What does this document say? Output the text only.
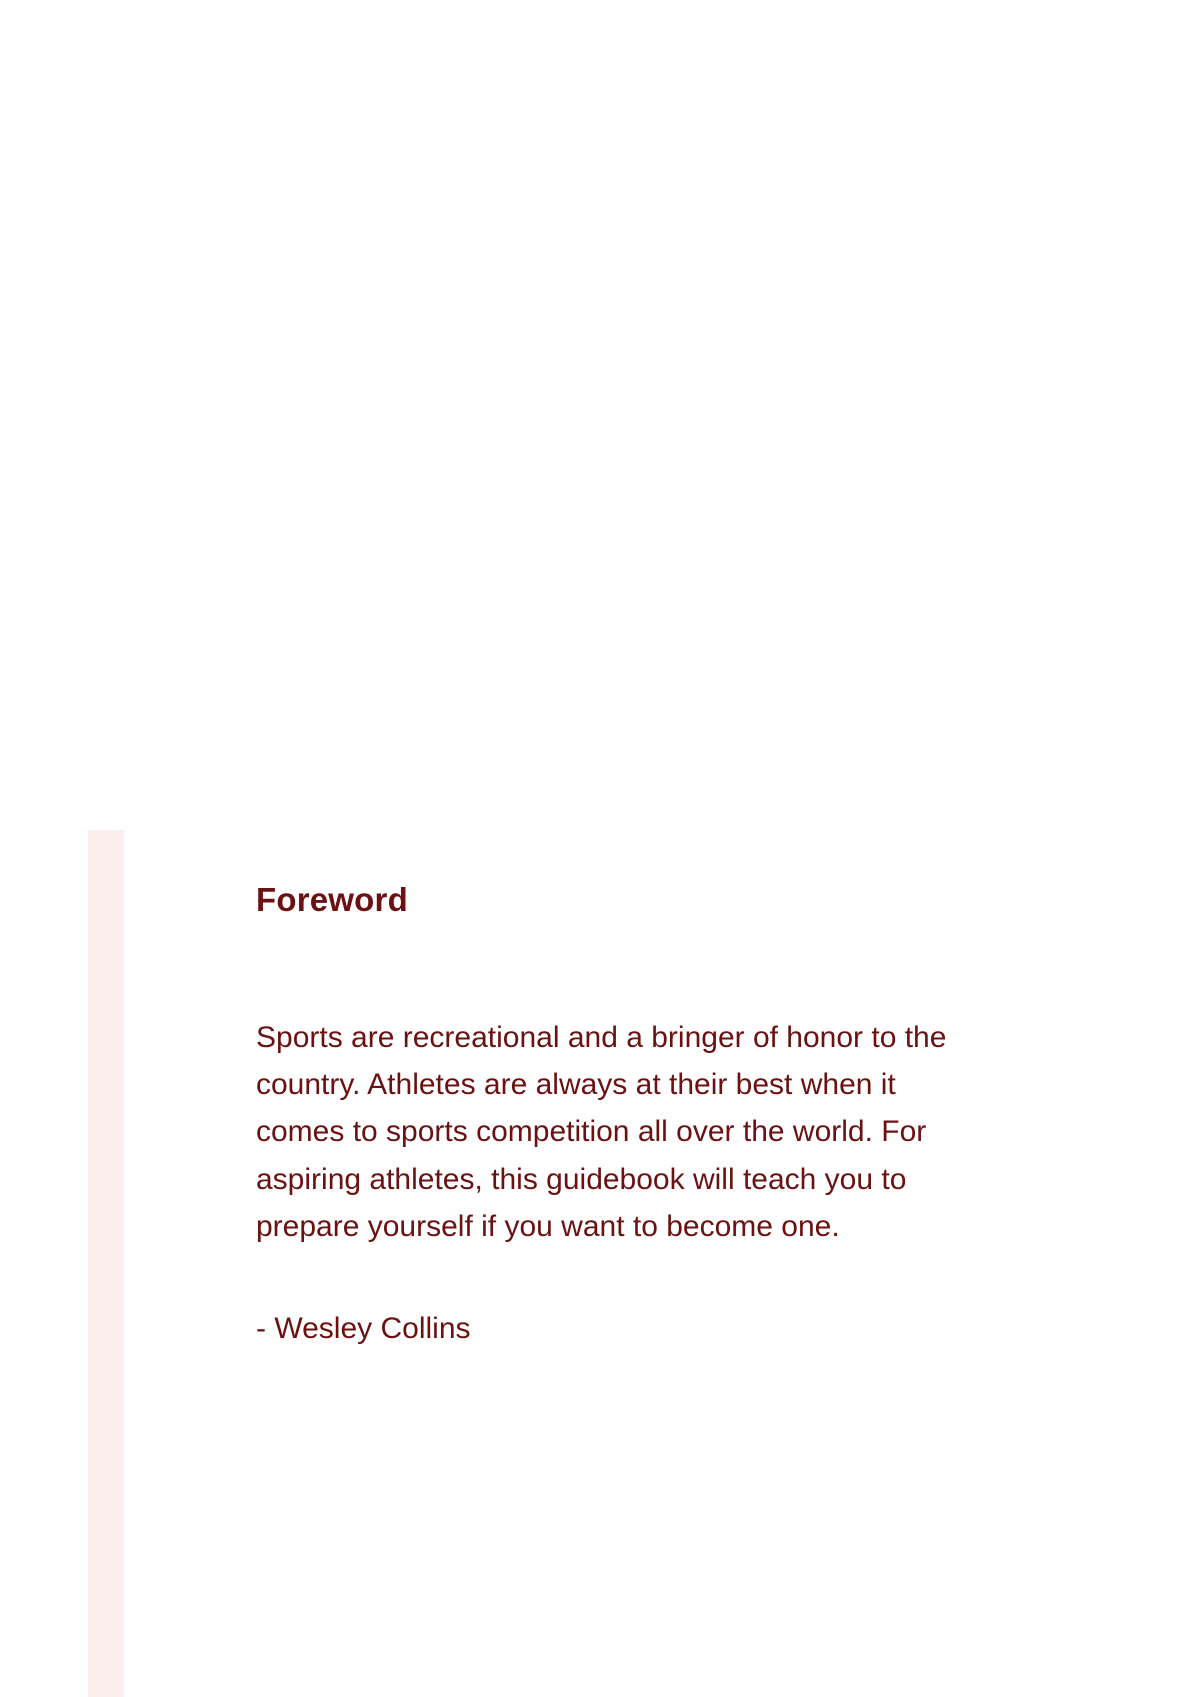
Foreword

Sports are recreational and a bringer of honor to the country. Athletes are always at their best when it comes to sports competition all over the world. For aspiring athletes, this guidebook will teach you to prepare yourself if you want to become one.

- Wesley Collins
